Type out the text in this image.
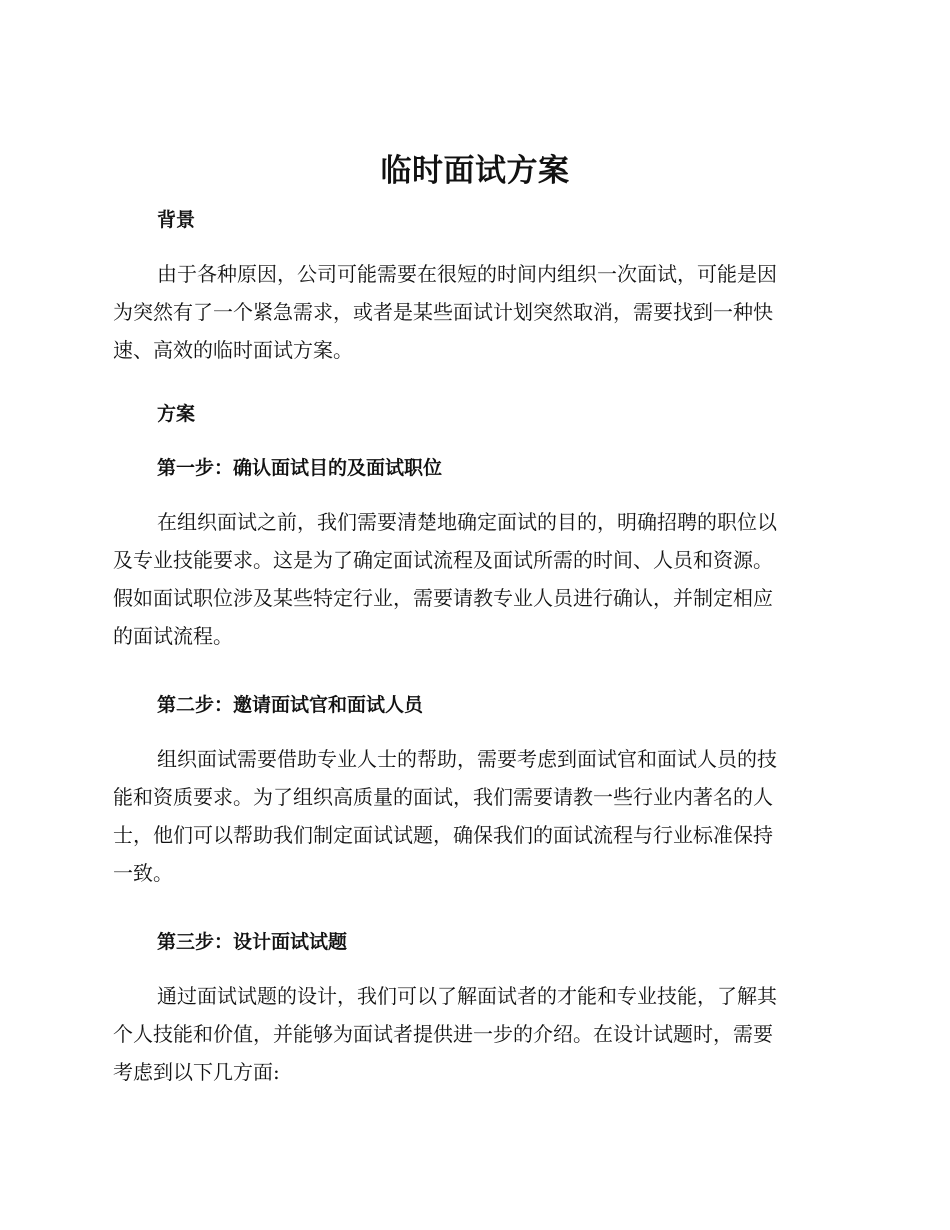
临时面试方案
背景
由于各种原因，公司可能需要在很短的时间内组织一次面试，可能是因
为突然有了一个紧急需求，或者是某些面试计划突然取消，需要找到一种快
速、高效的临时面试方案。
方案
第一步：确认面试目的及面试职位
在组织面试之前，我们需要清楚地确定面试的目的，明确招聘的职位以
及专业技能要求。这是为了确定面试流程及面试所需的时间、人员和资源。
假如面试职位涉及某些特定行业，需要请教专业人员进行确认，并制定相应
的面试流程。
第二步：邀请面试官和面试人员
组织面试需要借助专业人士的帮助，需要考虑到面试官和面试人员的技
能和资质要求。为了组织高质量的面试，我们需要请教一些行业内著名的人
士，他们可以帮助我们制定面试试题，确保我们的面试流程与行业标准保持
一致。
第三步：设计面试试题
通过面试试题的设计，我们可以了解面试者的才能和专业技能，了解其
个人技能和价值，并能够为面试者提供进一步的介绍。在设计试题时，需要
考虑到以下几方面:
